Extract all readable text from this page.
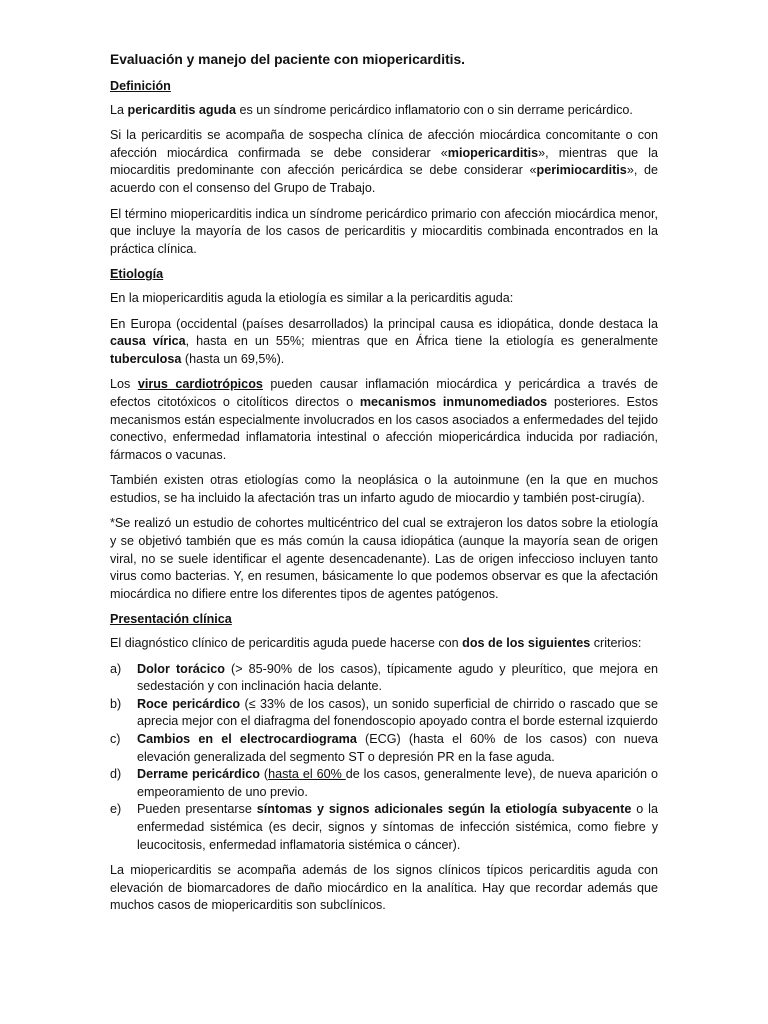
Evaluación y manejo del paciente con miopericarditis.
Definición

La pericarditis aguda es un síndrome pericárdico inflamatorio con o sin derrame pericárdico.

Si la pericarditis se acompaña de sospecha clínica de afección miocárdica concomitante o con afección miocárdica confirmada se debe considerar «miopericarditis», mientras que la miocarditis predominante con afección pericárdica se debe considerar «perimiocarditis», de acuerdo con el consenso del Grupo de Trabajo.

El término miopericarditis indica un síndrome pericárdico primario con afección miocárdica menor, que incluye la mayoría de los casos de pericarditis y miocarditis combinada encontrados en la práctica clínica.

Etiología

En la miopericarditis aguda la etiología es similar a la pericarditis aguda:

En Europa (occidental (países desarrollados) la principal causa es idiopática, donde destaca la causa vírica, hasta en un 55%; mientras que en África tiene la etiología es generalmente tuberculosa (hasta un 69,5%).

Los virus cardiotrópicos pueden causar inflamación miocárdica y pericárdica a través de efectos citotóxicos o citolíticos directos o mecanismos inmunomediados posteriores. Estos mecanismos están especialmente involucrados en los casos asociados a enfermedades del tejido conectivo, enfermedad inflamatoria intestinal o afección miopericárdica inducida por radiación, fármacos o vacunas.

También existen otras etiologías como la neoplásica o la autoinmune (en la que en muchos estudios, se ha incluido la afectación tras un infarto agudo de miocardio y también post-cirugía).

*Se realizó un estudio de cohortes multicéntrico del cual se extrajeron los datos sobre la etiología y se objetivó también que es más común la causa idiopática (aunque la mayoría sean de origen viral, no se suele identificar el agente desencadenante). Las de origen infeccioso incluyen tanto virus como bacterias. Y, en resumen, básicamente lo que podemos observar es que la afectación miocárdica no difiere entre los diferentes tipos de agentes patógenos.

Presentación clínica

El diagnóstico clínico de pericarditis aguda puede hacerse con dos de los siguientes criterios:

a)	Dolor torácico (> 85-90% de los casos), típicamente agudo y pleurítico, que mejora en sedestación y con inclinación hacia delante.
b)	Roce pericárdico (≤ 33% de los casos), un sonido superficial de chirrido o rascado que se aprecia mejor con el diafragma del fonendoscopio apoyado contra el borde esternal izquierdo
c)	Cambios en el electrocardiograma (ECG) (hasta el 60% de los casos) con nueva elevación generalizada del segmento ST o depresión PR en la fase aguda.
d)	Derrame pericárdico (hasta el 60% de los casos, generalmente leve), de nueva aparición o empeoramiento de uno previo.
e)	Pueden presentarse síntomas y signos adicionales según la etiología subyacente o la enfermedad sistémica (es decir, signos y síntomas de infección sistémica, como fiebre y leucocitosis, enfermedad inflamatoria sistémica o cáncer).

La miopericarditis se acompaña además de los signos clínicos típicos pericarditis aguda con elevación de biomarcadores de daño miocárdico en la analítica. Hay que recordar además que muchos casos de miopericarditis son subclínicos.
